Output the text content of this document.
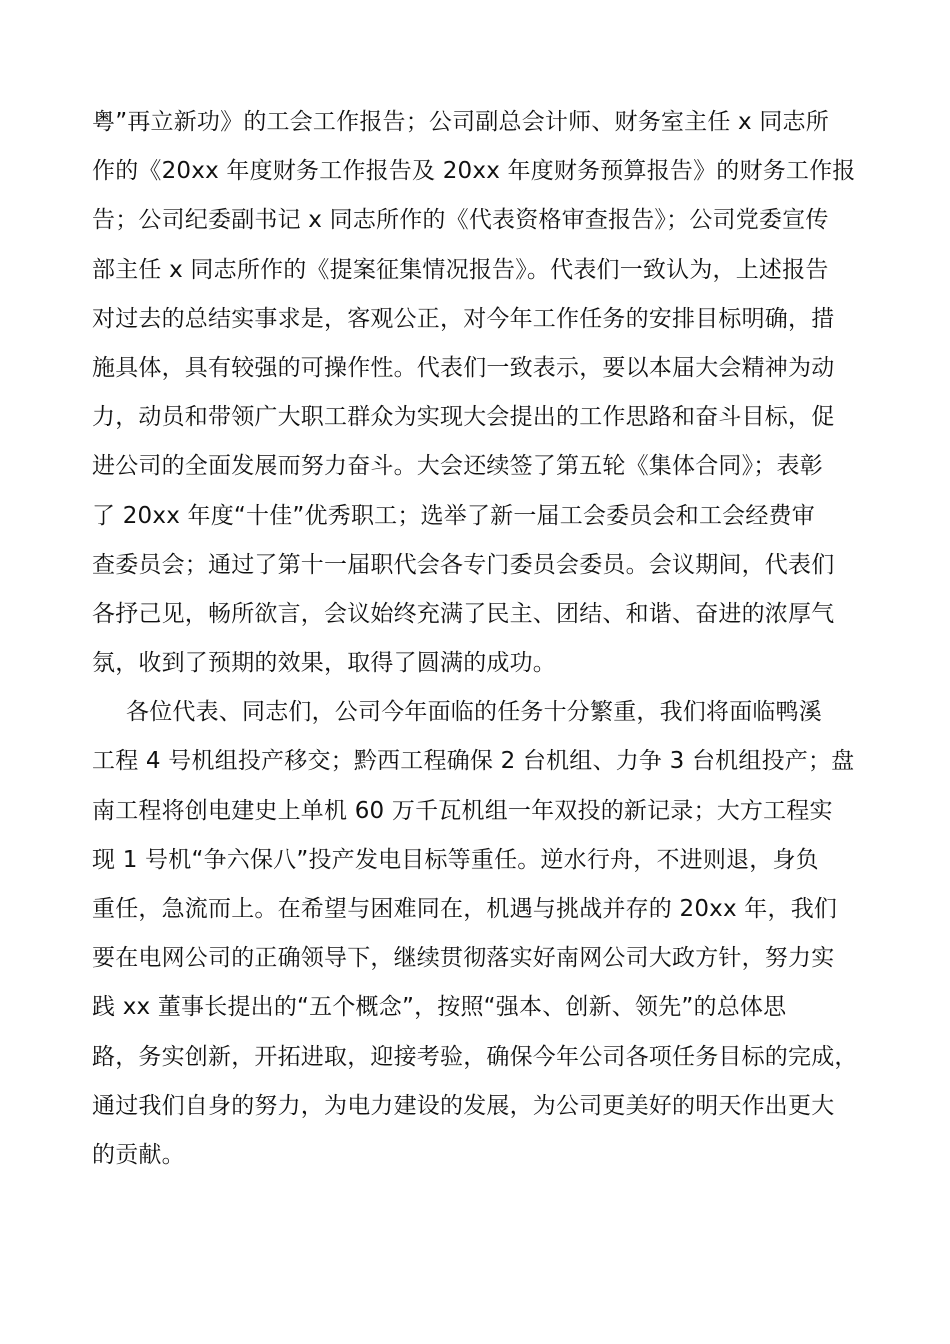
粤”再立新功》的工会工作报告；公司副总会计师、财务室主任 x 同志所
作的《20xx 年度财务工作报告及 20xx 年度财务预算报告》的财务工作报
告；公司纪委副书记 x 同志所作的《代表资格审查报告》；公司党委宣传
部主任 x 同志所作的《提案征集情况报告》。代表们一致认为，上述报告
对过去的总结实事求是，客观公正，对今年工作任务的安排目标明确，措
施具体，具有较强的可操作性。代表们一致表示，要以本届大会精神为动
力，动员和带领广大职工群众为实现大会提出的工作思路和奋斗目标，促
进公司的全面发展而努力奋斗。大会还续签了第五轮《集体合同》；表彰
了 20xx 年度“十佳”优秀职工；选举了新一届工会委员会和工会经费审
查委员会；通过了第十一届职代会各专门委员会委员。会议期间，代表们
各抒己见，畅所欲言，会议始终充满了民主、团结、和谐、奋进的浓厚气
氛，收到了预期的效果，取得了圆满的成功。
各位代表、同志们，公司今年面临的任务十分繁重，我们将面临鸭溪
工程 4 号机组投产移交；黔西工程确保 2 台机组、力争 3 台机组投产；盘
南工程将创电建史上单机 60 万千瓦机组一年双投的新记录；大方工程实
现 1 号机“争六保八”投产发电目标等重任。逆水行舟，不进则退，身负
重任，急流而上。在希望与困难同在，机遇与挑战并存的 20xx 年，我们
要在电网公司的正确领导下，继续贯彻落实好南网公司大政方针，努力实
践 xx 董事长提出的“五个概念”，按照“强本、创新、领先”的总体思
路，务实创新，开拓进取，迎接考验，确保今年公司各项任务目标的完成，
通过我们自身的努力，为电力建设的发展，为公司更美好的明天作出更大
的贡献。
